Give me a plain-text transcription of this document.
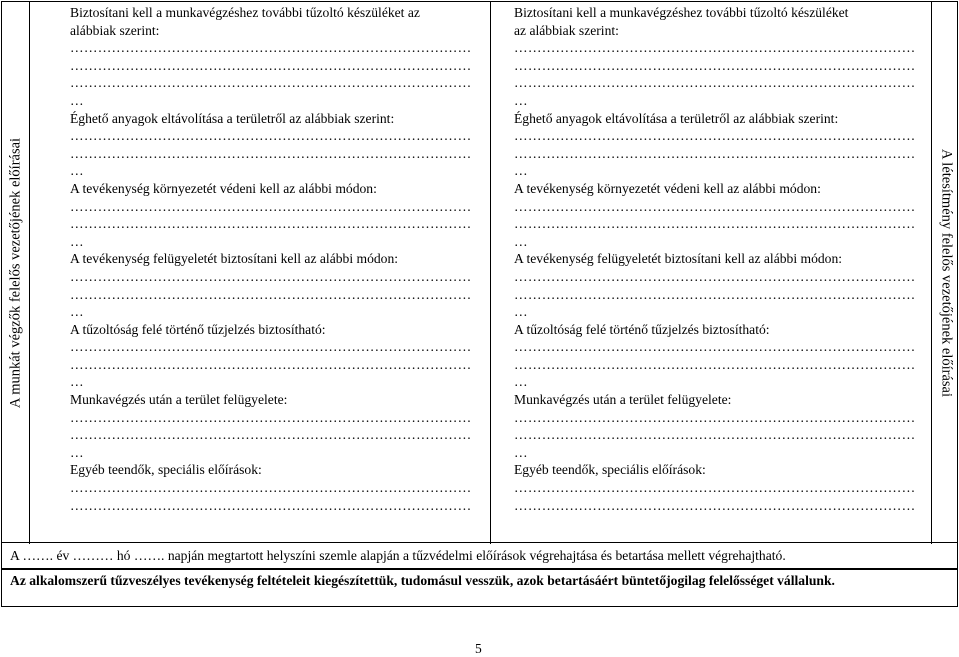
A munkát végzők felelős vezetőjének előírásai
Biztosítani kell a munkavégzéshez további tűzoltó készüléket az
alábbiak szerint:
……………………………………………………………………………
……………………………………………………………………………
……………………………………………………………………………
…
Éghető anyagok eltávolítása a területről az alábbiak szerint:
……………………………………………………………………………
……………………………………………………………………………
…
A tevékenység környezetét védeni kell az alábbi módon:
……………………………………………………………………………
……………………………………………………………………………
…
A tevékenység felügyeletét biztosítani kell az alábbi módon:
……………………………………………………………………………
……………………………………………………………………………
…
A tűzoltóság felé történő tűzjelzés biztosítható:
……………………………………………………………………………
……………………………………………………………………………
…
Munkavégzés után a terület felügyelete:
……………………………………………………………………………
……………………………………………………………………………
…
Egyéb teendők, speciális előírások:
……………………………………………………………………………
……………………………………………………………………………
Biztosítani kell a munkavégzéshez további tűzoltó készüléket
az alábbiak szerint:
……………………………………………………………………………
……………………………………………………………………………
……………………………………………………………………………
…
Éghető anyagok eltávolítása a területről az alábbiak szerint:
……………………………………………………………………………
……………………………………………………………………………
…
A tevékenység környezetét védeni kell az alábbi módon:
……………………………………………………………………………
……………………………………………………………………………
…
A tevékenység felügyeletét biztosítani kell az alábbi módon:
……………………………………………………………………………
……………………………………………………………………………
…
A tűzoltóság felé történő tűzjelzés biztosítható:
……………………………………………………………………………
……………………………………………………………………………
…
Munkavégzés után a terület felügyelete:
……………………………………………………………………………
……………………………………………………………………………
…
Egyéb teendők, speciális előírások:
……………………………………………………………………………
……………………………………………………………………………
A létesítmény felelős vezetőjének előírásai
A ……. év ……… hó ……. napján megtartott helyszíni szemle alapján a tűzvédelmi előírások végrehajtása és betartása mellett végrehajtható.
Az alkalomszerű tűzveszélyes tevékenység feltételeit kiegészítettük, tudomásul vesszük, azok betartásáért büntetőjogilag felelősséget vállalunk.
5
